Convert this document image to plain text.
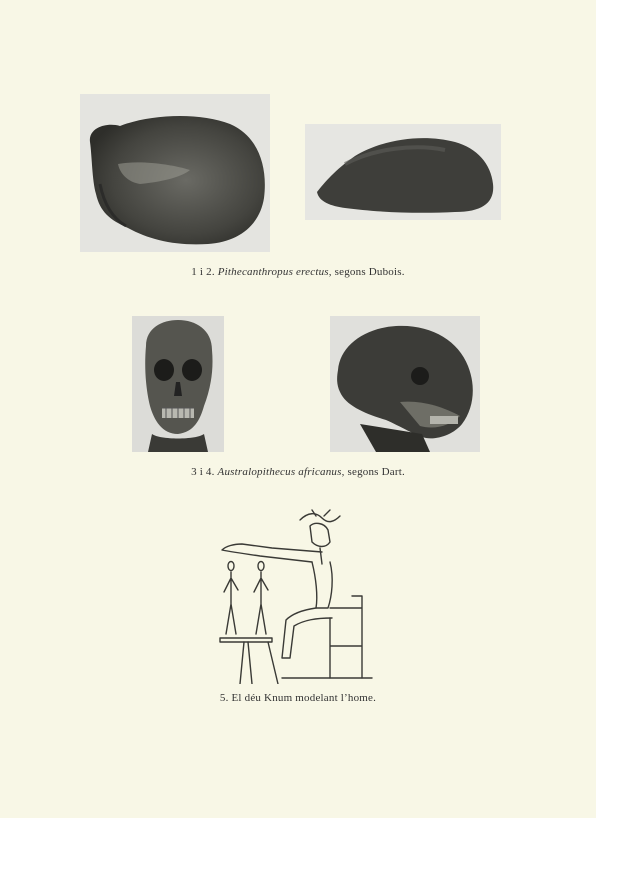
1 i 2. Pithecanthropus erectus, segons Dubois.
3 i 4. Australopithecus africanus, segons Dart.
5. El déu Knum modelant l’home.
